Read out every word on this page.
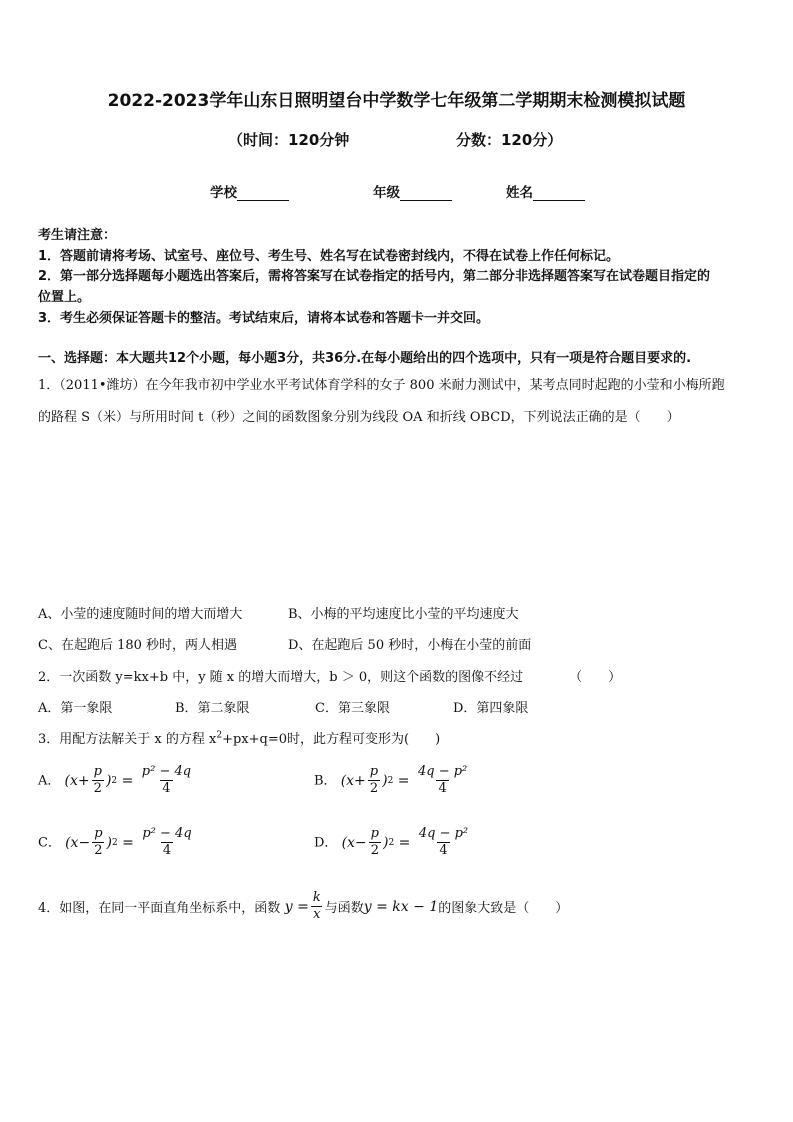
2022-2023学年山东日照明望台中学数学七年级第二学期期末检测模拟试题
（时间：120分钟	分数：120分）
学校	年级	姓名
考生请注意：
1．答题前请将考场、试室号、座位号、考生号、姓名写在试卷密封线内，不得在试卷上作任何标记。
2．第一部分选择题每小题选出答案后，需将答案写在试卷指定的括号内，第二部分非选择题答案写在试卷题目指定的
位置上。
3．考生必须保证答题卡的整洁。考试结束后，请将本试卷和答题卡一并交回。
一、选择题：本大题共12个小题，每小题3分，共36分.在每小题给出的四个选项中，只有一项是符合题目要求的.
1．（2011•潍坊）在今年我市初中学业水平考试体育学科的女子 800 米耐力测试中，某考点同时起跑的小莹和小梅所跑
的路程 S（米）与所用时间 t（秒）之间的函数图象分别为线段 OA 和折线 OBCD，下列说法正确的是（　　）
A、小莹的速度随时间的增大而增大	B、小梅的平均速度比小莹的平均速度大
C、在起跑后 180 秒时，两人相遇	D、在起跑后 50 秒时，小梅在小莹的前面
2．一次函数 y=kx+b 中，y 随 x 的增大而增大，b ＞ 0，则这个函数的图像不经过	（　　）
A．第一象限	B．第二象限	C．第三象限	D．第四象限
3．用配方法解关于 x 的方程 $x^2+px+q=0$时，此方程可变形为(　　)
A． ($x+ \frac{p}{2}$ ) $2 = \frac{\text{p² − 4q}}{4}$	B． ($x+ \frac{p}{2}$ ) $2 = \frac{\text{4q − p²}}{4}$
C． ($x- \frac{p}{2}$ ) $2 = \frac{\text{p² − 4q}}{4}$	D． ($x- \frac{p}{2}$ ) $2 = \frac{\text{4q − p²}}{4}$
4．如图，在同一平面直角坐标系中，函数 $y = \frac{k}{x}$ 与函数 y = kx − 1 的图象大致是（　　）
